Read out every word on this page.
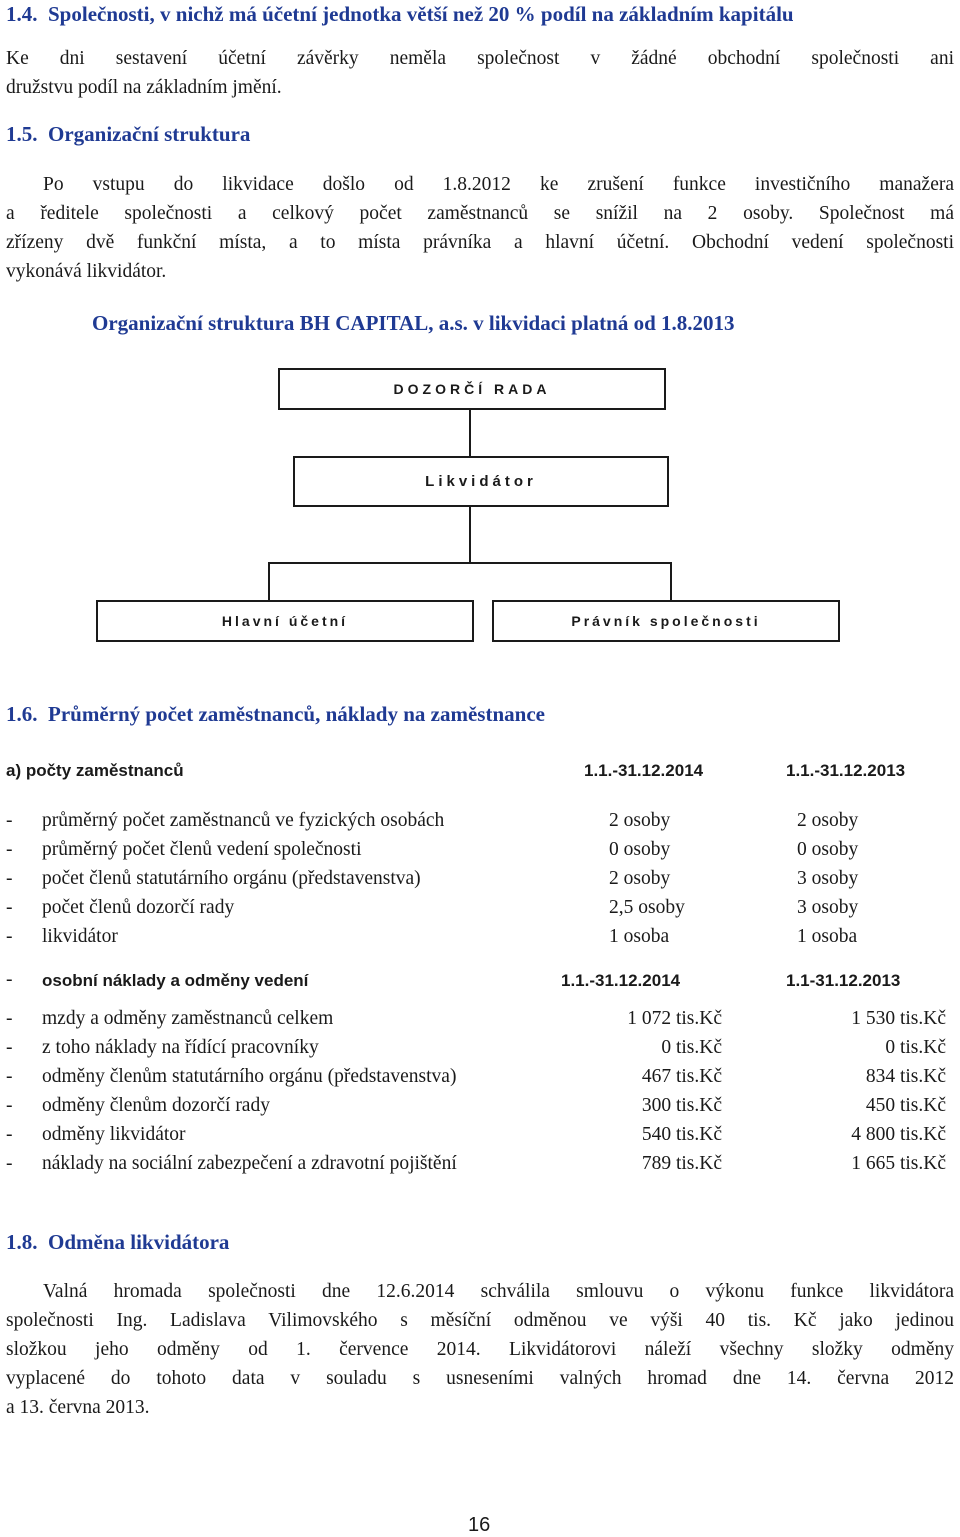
1.4. Společnosti, v nichž má účetní jednotka větší než 20 % podíl na základním kapitálu
Ke dni sestavení účetní závěrky neměla společnost v žádné obchodní společnosti ani
družstvu podíl na základním jmění.
1.5. Organizační struktura
Po vstupu do likvidace došlo od 1.8.2012 ke zrušení funkce investičního manažera
a ředitele společnosti a celkový počet zaměstnanců se snížil na 2 osoby. Společnost má
zřízeny dvě funkční místa, a to místa právníka a hlavní účetní. Obchodní vedení společnosti
vykonává likvidátor.
Organizační struktura BH CAPITAL, a.s. v likvidaci platná od 1.8.2013
DOZORČÍ RADA
Likvidátor
Hlavní účetní	Právník společnosti
1.6. Průměrný počet zaměstnanců, náklady na zaměstnance
a) počty zaměstnanců	1.1.-31.12.2014	1.1.-31.12.2013
- průměrný počet zaměstnanců ve fyzických osobách	2 osoby	2 osoby
- průměrný počet členů vedení společnosti	0 osoby	0 osoby
- počet členů statutárního orgánu (představenstva)	2 osoby	3 osoby
- počet členů dozorčí rady	2,5 osoby	3 osoby
- likvidátor	1 osoba	1 osoba
- osobní náklady a odměny vedení	1.1.-31.12.2014	1.1-31.12.2013
- mzdy a odměny zaměstnanců celkem	1 072 tis.Kč	1 530 tis.Kč
- z toho náklady na řídící pracovníky	0 tis.Kč	0 tis.Kč
- odměny členům statutárního orgánu (představenstva)	467 tis.Kč	834 tis.Kč
- odměny členům dozorčí rady	300 tis.Kč	450 tis.Kč
- odměny likvidátor	540 tis.Kč	4 800 tis.Kč
- náklady na sociální zabezpečení a zdravotní pojištění	789 tis.Kč	1 665 tis.Kč
1.8. Odměna likvidátora
Valná hromada společnosti dne 12.6.2014 schválila smlouvu o výkonu funkce likvidátora
společnosti Ing. Ladislava Vilimovského s měsíční odměnou ve výši 40 tis. Kč jako jedinou
složkou jeho odměny od 1. července 2014. Likvidátorovi náleží všechny složky odměny
vyplacené do tohoto data v souladu s usneseními valných hromad dne 14. června 2012
a 13. června 2013.
16
